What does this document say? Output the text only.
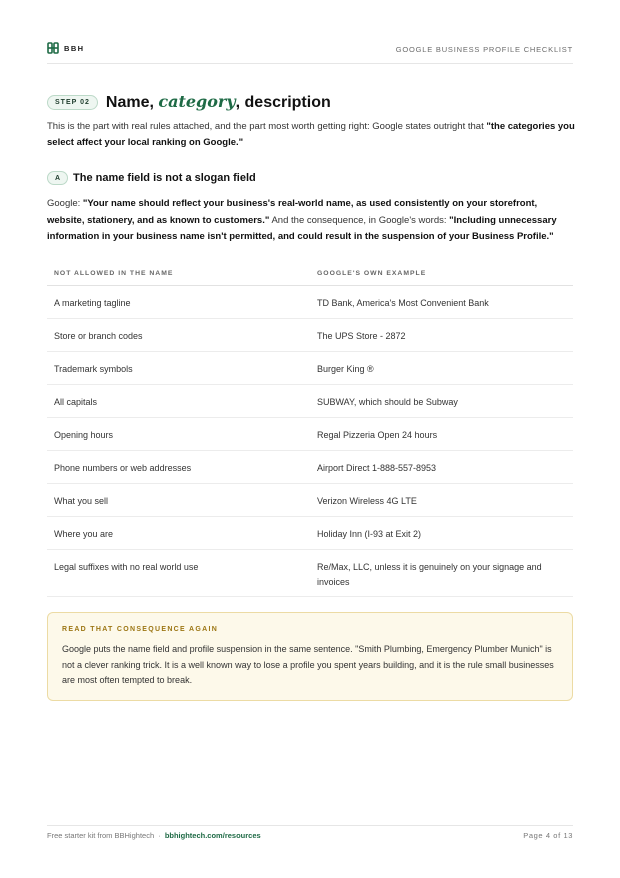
BBH	GOOGLE BUSINESS PROFILE CHECKLIST
STEP 02	Name, category, description

This is the part with real rules attached, and the part most worth getting right: Google states outright that "the categories you select affect your local ranking on Google."

A	The name field is not a slogan field

Google: "Your name should reflect your business's real-world name, as used consistently on your storefront, website, stationery, and as known to customers." And the consequence, in Google's words: "Including unnecessary information in your business name isn't permitted, and could result in the suspension of your Business Profile."

NOT ALLOWED IN THE NAME	GOOGLE'S OWN EXAMPLE
A marketing tagline	TD Bank, America's Most Convenient Bank
Store or branch codes	The UPS Store - 2872
Trademark symbols	Burger King ®
All capitals	SUBWAY, which should be Subway
Opening hours	Regal Pizzeria Open 24 hours
Phone numbers or web addresses	Airport Direct 1-888-557-8953
What you sell	Verizon Wireless 4G LTE
Where you are	Holiday Inn (I-93 at Exit 2)
Legal suffixes with no real world use	Re/Max, LLC, unless it is genuinely on your signage and invoices
READ THAT CONSEQUENCE AGAIN

Google puts the name field and profile suspension in the same sentence. "Smith Plumbing, Emergency Plumber Munich" is not a clever ranking trick. It is a well known way to lose a profile you spent years building, and it is the rule small businesses are most often tempted to break.

Free starter kit from BBHightech · bbhightech.com/resources	Page 4 of 13
